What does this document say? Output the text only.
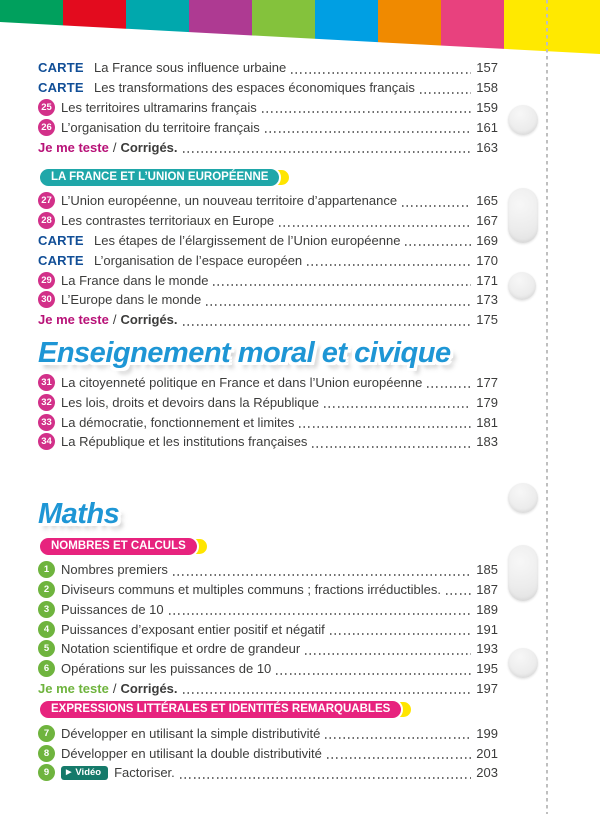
CARTE La France sous influence urbaine	157
CARTE Les transformations des espaces économiques français	158
25 Les territoires ultramarins français	159
26 L’organisation du territoire français	161
Je me teste / Corrigés.	163
LA FRANCE ET L’UNION EUROPÉENNE
27 L’Union européenne, un nouveau territoire d’appartenance	165
28 Les contrastes territoriaux en Europe	167
CARTE Les étapes de l’élargissement de l’Union européenne	169
CARTE L’organisation de l’espace européen	170
29 La France dans le monde	171
30 L’Europe dans le monde	173
Je me teste / Corrigés.	175
Enseignement moral et civique
31 La citoyenneté politique en France et dans l’Union européenne	177
32 Les lois, droits et devoirs dans la République	179
33 La démocratie, fonctionnement et limites	181
34 La République et les institutions françaises	183
Maths
NOMBRES ET CALCULS
1 Nombres premiers	185
2 Diviseurs communs et multiples communs ; fractions irréductibles.	187
3 Puissances de 10	189
4 Puissances d’exposant entier positif et négatif	191
5 Notation scientifique et ordre de grandeur	193
6 Opérations sur les puissances de 10	195
Je me teste / Corrigés.	197
EXPRESSIONS LITTÉRALES ET IDENTITÉS REMARQUABLES
7 Développer en utilisant la simple distributivité	199
8 Développer en utilisant la double distributivité	201
9	▶ Vidéo Factoriser.	203
